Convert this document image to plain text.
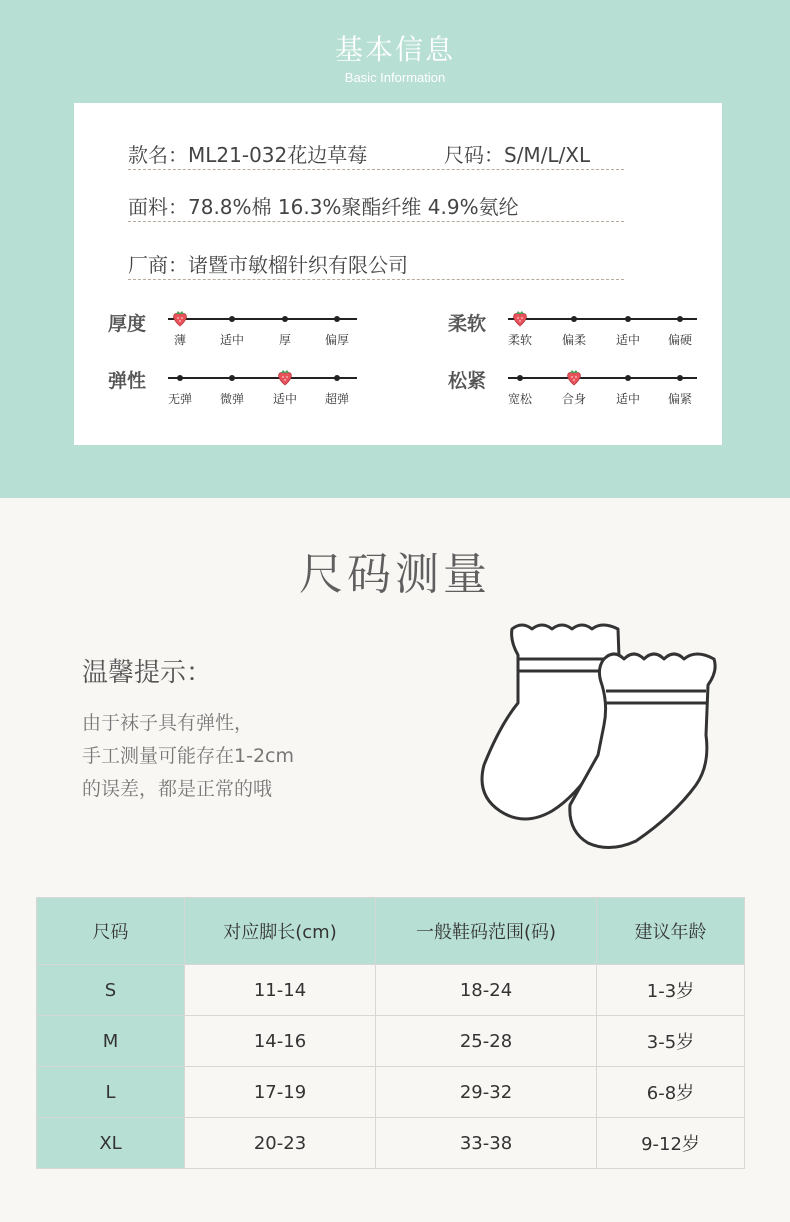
基本信息
Basic Information
款名：ML21-032花边草莓	尺码：S/M/L/XL
面料：78.8%棉 16.3%聚酯纤维 4.9%氨纶
厂商：诸暨市敏榴针织有限公司
厚度
薄	适中	厚	偏厚
柔软
柔软	偏柔	适中	偏硬
弹性
无弹	微弹	适中	超弹
松紧
宽松	合身	适中	偏紧
尺码测量
温馨提示：
由于袜子具有弹性，
手工测量可能存在1-2cm
的误差，都是正常的哦
尺码	对应脚长(cm)	一般鞋码范围(码)	建议年龄
S	11-14	18-24	1-3岁
M	14-16	25-28	3-5岁
L	17-19	29-32	6-8岁
XL	20-23	33-38	9-12岁
